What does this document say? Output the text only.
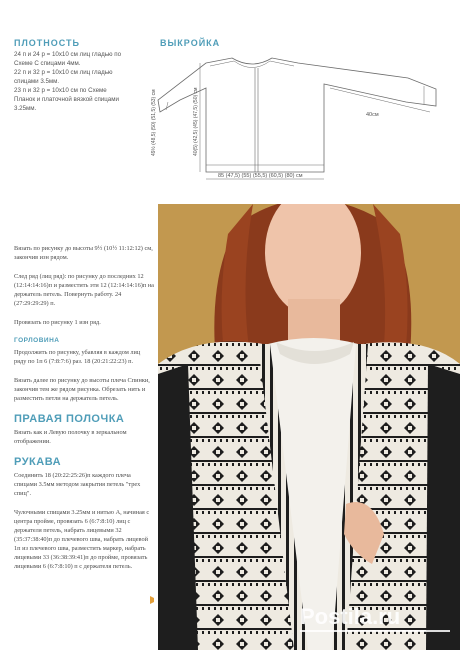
ПЛОТНОСТЬ
24 п и 24 р = 10х10 см лиц гладью по
Схеме С спицами 4мм.
22 п и 32 р = 10х10 см лиц гладью
спицами 3.5мм.
23 п и 32 р = 10х10 см по Схеме
Планок и платочной вязкой спицами
3.25мм.
ВЫКРОЙКА
49½ (48,5) (50) (51,5) (53) см	40(5) (42,5) (45) (47,5) (50) см	40см
85 (47,5) (55) (55,5) (60,5) (80) см
Вязать по рисунку до высоты 9½ (10½ 11:12:12) см, закончив изн рядом.
След ряд (лиц ряд): по рисунку до последних 12 (12:14:14:16)п и разместить эти 12 (12:14:14:16)п на держатель петель. Повернуть работу. 24 (27:29:29:29) п.
Провязать по рисунку 1 изн ряд.
ГОРЛОВИНА
Продолжить по рисунку, убавляя в каждом лиц ряду по 1п 6 (7:8:7:6) раз. 18 (20:21:22:23) п.
Вязать далее по рисунку до высоты плеча Спинки, закончив тем же рядом рисунка. Обрезать нить и разместить петли на держатель петель.
ПРАВАЯ ПОЛОЧКА
Вязать как и Левую полочку в зеркальном отображении.
РУКАВА
Соединить 18 (20:22:25:26)п каждого плеча спицами 3.5мм методом закрытия петель "трех спиц".
Чулочными спицами 3.25мм и нитью А, начиная с центра пройме, провязать 6 (6:7:8:10) лиц с держателя петель, набрать лицевыми 32 (35:37:38:40)п до плечевого шва, набрать лицевой 1п из плечевого шва, разместить маркер, набрать лицевыми 33 (36:38:39:41)п до пройме, провязать лицевыми 6 (6:7:8:10) п с держателя петель.
Postila.ru
